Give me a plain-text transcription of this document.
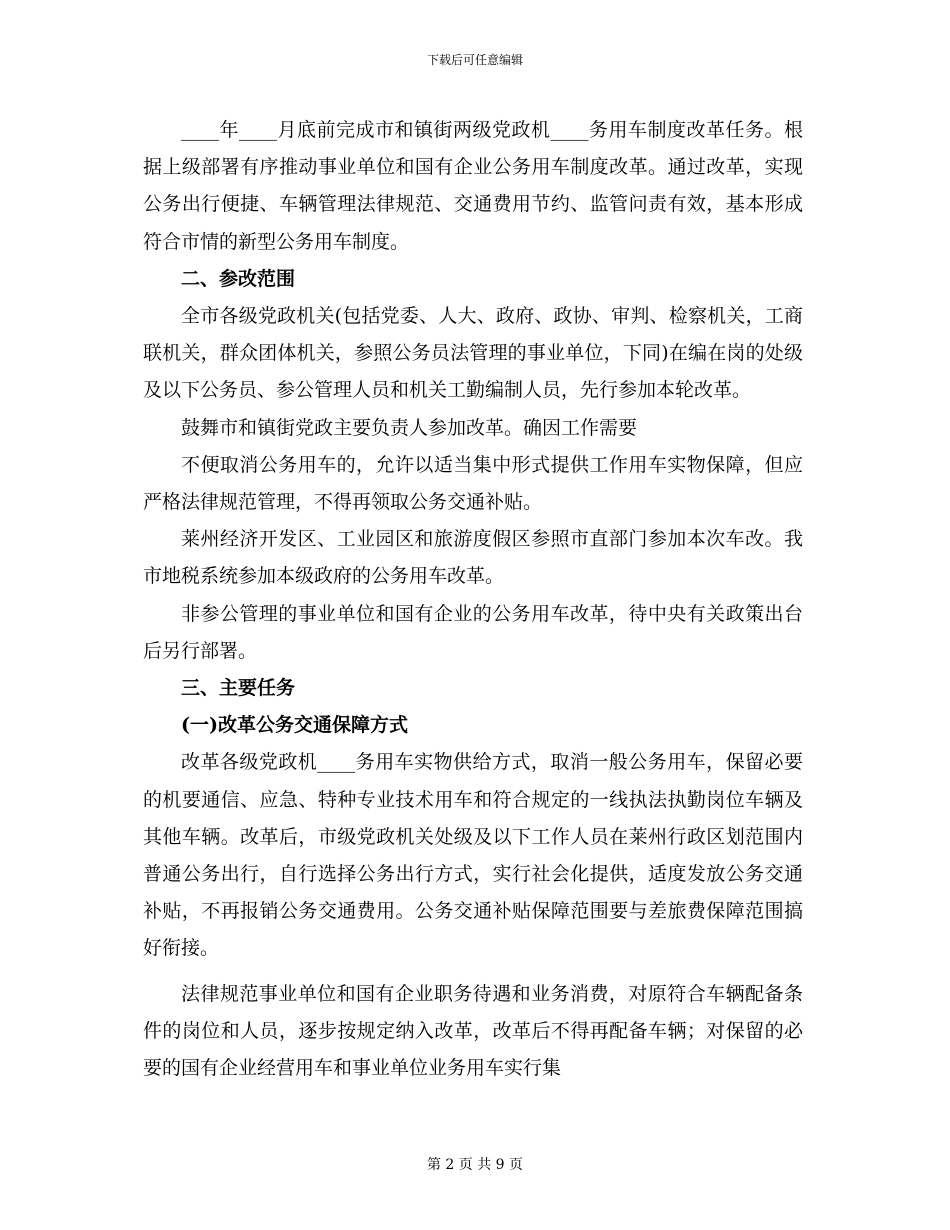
下载后可任意编辑

____年____月底前完成市和镇街两级党政机____务用车制度改革任务。根据上级部署有序推动事业单位和国有企业公务用车制度改革。通过改革，实现公务出行便捷、车辆管理法律规范、交通费用节约、监管问责有效，基本形成符合市情的新型公务用车制度。

二、参改范围

全市各级党政机关(包括党委、人大、政府、政协、审判、检察机关，工商联机关，群众团体机关，参照公务员法管理的事业单位，下同)在编在岗的处级及以下公务员、参公管理人员和机关工勤编制人员，先行参加本轮改革。

鼓舞市和镇街党政主要负责人参加改革。确因工作需要

不便取消公务用车的，允许以适当集中形式提供工作用车实物保障，但应严格法律规范管理，不得再领取公务交通补贴。

莱州经济开发区、工业园区和旅游度假区参照市直部门参加本次车改。我市地税系统参加本级政府的公务用车改革。

非参公管理的事业单位和国有企业的公务用车改革，待中央有关政策出台后另行部署。

三、主要任务

(一)改革公务交通保障方式

改革各级党政机____务用车实物供给方式，取消一般公务用车，保留必要的机要通信、应急、特种专业技术用车和符合规定的一线执法执勤岗位车辆及其他车辆。改革后，市级党政机关处级及以下工作人员在莱州行政区划范围内普通公务出行，自行选择公务出行方式，实行社会化提供，适度发放公务交通补贴，不再报销公务交通费用。公务交通补贴保障范围要与差旅费保障范围搞好衔接。

法律规范事业单位和国有企业职务待遇和业务消费，对原符合车辆配备条件的岗位和人员，逐步按规定纳入改革，改革后不得再配备车辆；对保留的必要的国有企业经营用车和事业单位业务用车实行集

第 2 页 共 9 页
